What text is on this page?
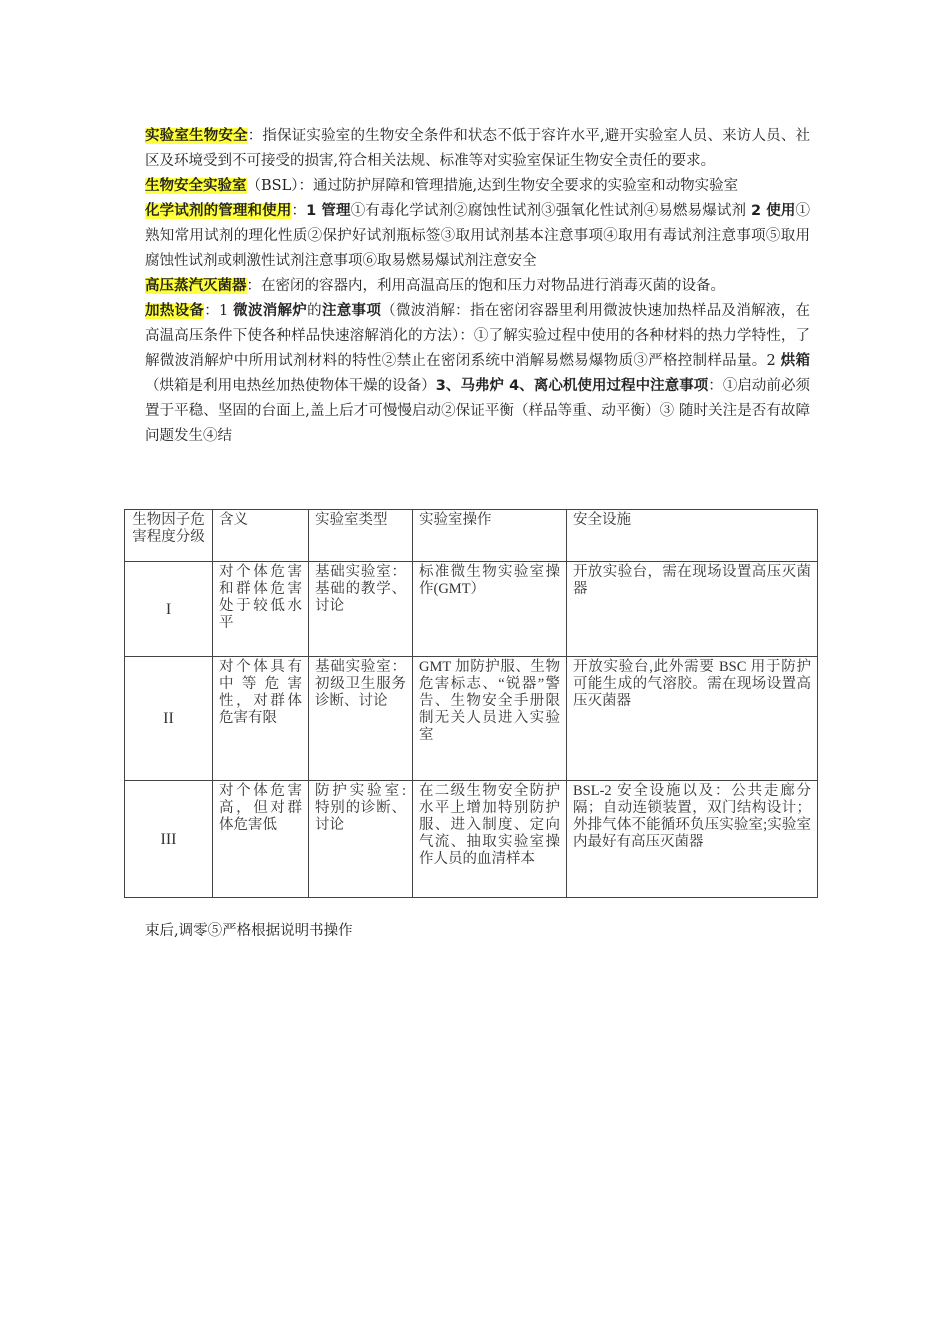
实验室生物安全：指保证实验室的生物安全条件和状态不低于容许水平,避开实验室人员、来访人员、社区及环境受到不可接受的损害,符合相关法规、标准等对实验室保证生物安全责任的要求。

生物安全实验室（BSL）：通过防护屏障和管理措施,达到生物安全要求的实验室和动物实验室

化学试剂的管理和使用：1 管理①有毒化学试剂②腐蚀性试剂③强氧化性试剂④易燃易爆试剂 2 使用①熟知常用试剂的理化性质②保护好试剂瓶标签③取用试剂基本注意事项④取用有毒试剂注意事项⑤取用腐蚀性试剂或刺激性试剂注意事项⑥取易燃易爆试剂注意安全

高压蒸汽灭菌器：在密闭的容器内，利用高温高压的饱和压力对物品进行消毒灭菌的设备。

加热设备：1 微波消解炉的注意事项（微波消解：指在密闭容器里利用微波快速加热样品及消解液，在高温高压条件下使各种样品快速溶解消化的方法）：①了解实验过程中使用的各种材料的热力学特性，了解微波消解炉中所用试剂材料的特性②禁止在密闭系统中消解易燃易爆物质③严格控制样品量。2 烘箱（烘箱是利用电热丝加热使物体干燥的设备）3、马弗炉 4、离心机使用过程中注意事项：①启动前必须置于平稳、坚固的台面上,盖上后才可慢慢启动②保证平衡（样品等重、动平衡）③ 随时关注是否有故障问题发生④结

生物因子危害程度分级	含义	实验室类型	实验室操作	安全设施
I	对个体危害和群体危害处于较低水平	基础实验室：基础的教学、讨论	标准微生物实验室操作(GMT）	开放实验台，需在现场设置高压灭菌器
II	对个体具有中等危害性，对群体危害有限	基础实验室：初级卫生服务诊断、讨论	GMT 加防护服、生物危害标志、“锐器”警告、生物安全手册限制无关人员进入实验室	开放实验台,此外需要 BSC 用于防护可能生成的气溶胶。需在现场设置高压灭菌器
III	对个体危害高，但对群体危害低	防护实验室:特别的诊断、讨论	在二级生物安全防护水平上增加特别防护服、进入制度、定向气流、抽取实验室操作人员的血清样本	BSL-2 安全设施以及：公共走廊分隔；自动连锁装置，双门结构设计；外排气体不能循环负压实验室;实验室内最好有高压灭菌器
束后,调零⑤严格根据说明书操作
